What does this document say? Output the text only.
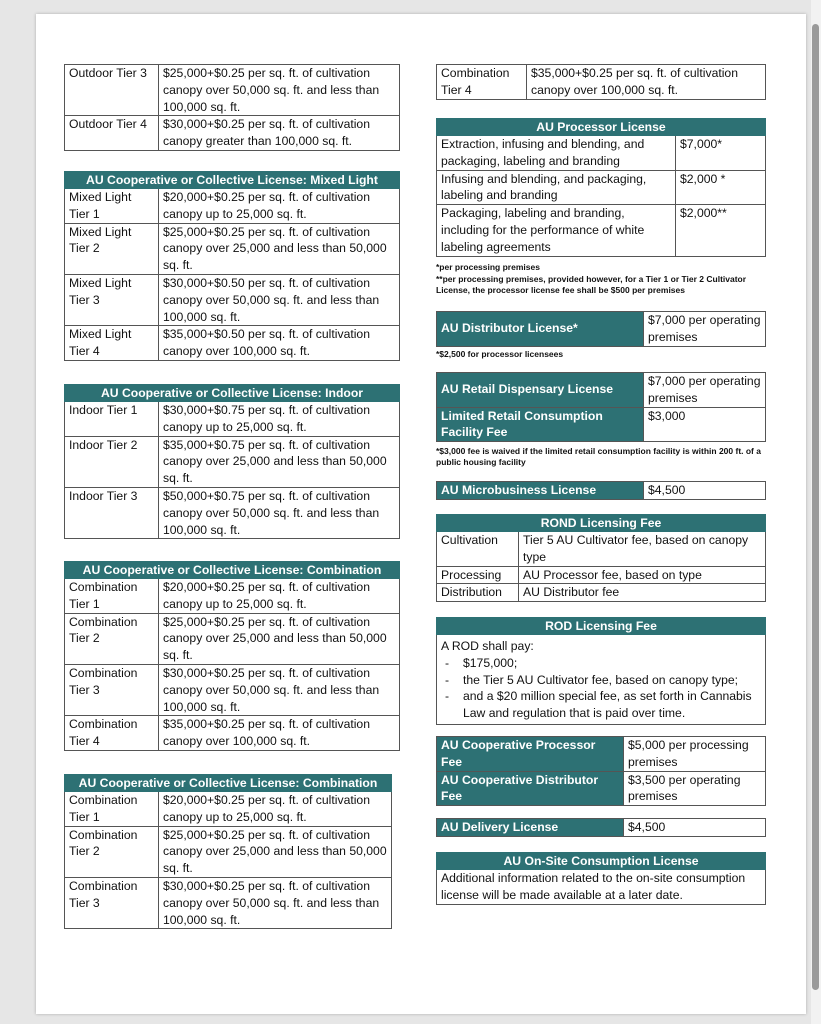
Outdoor Tier 3	$25,000+$0.25 per sq. ft. of cultivation canopy over 50,000 sq. ft. and less than 100,000 sq. ft.
Outdoor Tier 4	$30,000+$0.25 per sq. ft. of cultivation canopy greater than 100,000 sq. ft.
AU Cooperative or Collective License: Mixed Light	
Mixed Light Tier 1	$20,000+$0.25 per sq. ft. of cultivation canopy up to 25,000 sq. ft.
Mixed Light Tier 2	$25,000+$0.25 per sq. ft. of cultivation canopy over 25,000 and less than 50,000 sq. ft.
Mixed Light Tier 3	$30,000+$0.50 per sq. ft. of cultivation canopy over 50,000 sq. ft. and less than 100,000 sq. ft.
Mixed Light Tier 4	$35,000+$0.50 per sq. ft. of cultivation canopy over 100,000 sq. ft.
AU Cooperative or Collective License: Indoor	
Indoor Tier 1	$30,000+$0.75 per sq. ft. of cultivation canopy up to 25,000 sq. ft.
Indoor Tier 2	$35,000+$0.75 per sq. ft. of cultivation canopy over 25,000 and less than 50,000 sq. ft.
Indoor Tier 3	$50,000+$0.75 per sq. ft. of cultivation canopy over 50,000 sq. ft. and less than 100,000 sq. ft.
AU Cooperative or Collective License: Combination	
Combination Tier 1	$20,000+$0.25 per sq. ft. of cultivation canopy up to 25,000 sq. ft.
Combination Tier 2	$25,000+$0.25 per sq. ft. of cultivation canopy over 25,000 and less than 50,000 sq. ft.
Combination Tier 3	$30,000+$0.25 per sq. ft. of cultivation canopy over 50,000 sq. ft. and less than 100,000 sq. ft.
Combination Tier 4	$35,000+$0.25 per sq. ft. of cultivation canopy over 100,000 sq. ft.
AU Cooperative or Collective License: Combination	
Combination Tier 1	$20,000+$0.25 per sq. ft. of cultivation canopy up to 25,000 sq. ft.
Combination Tier 2	$25,000+$0.25 per sq. ft. of cultivation canopy over 25,000 and less than 50,000 sq. ft.
Combination Tier 3	$30,000+$0.25 per sq. ft. of cultivation canopy over 50,000 sq. ft. and less than 100,000 sq. ft.
Combination Tier 4	$35,000+$0.25 per sq. ft. of cultivation canopy over 100,000 sq. ft.
AU Processor License	
Extraction, infusing and blending, and packaging, labeling and branding	$7,000*
Infusing and blending, and packaging, labeling and branding	$2,000 *
Packaging, labeling and branding, including for the performance of white labeling agreements	$2,000**
*per processing premises
**per processing premises, provided however, for a Tier 1 or Tier 2 Cultivator License, the processor license fee shall be $500 per premises
AU Distributor License*	$7,000 per operating premises
*$2,500 for processor licensees
AU Retail Dispensary License	$7,000 per operating premises
Limited Retail Consumption Facility Fee	$3,000
*$3,000 fee is waived if the limited retail consumption facility is within 200 ft. of a public housing facility
AU Microbusiness License	$4,500
ROND Licensing Fee	
Cultivation	Tier 5 AU Cultivator fee, based on canopy type
Processing	AU Processor fee, based on type
Distribution	AU Distributor fee
ROD Licensing Fee

A ROD shall pay:
- $175,000;
- the Tier 5 AU Cultivator fee, based on canopy type;
- and a $20 million special fee, as set forth in Cannabis Law and regulation that is paid over time.
AU Cooperative Processor Fee	$5,000 per processing premises
AU Cooperative Distributor Fee	$3,500 per operating premises
AU Delivery License	$4,500
AU On-Site Consumption License
Additional information related to the on-site consumption license will be made available at a later date.
